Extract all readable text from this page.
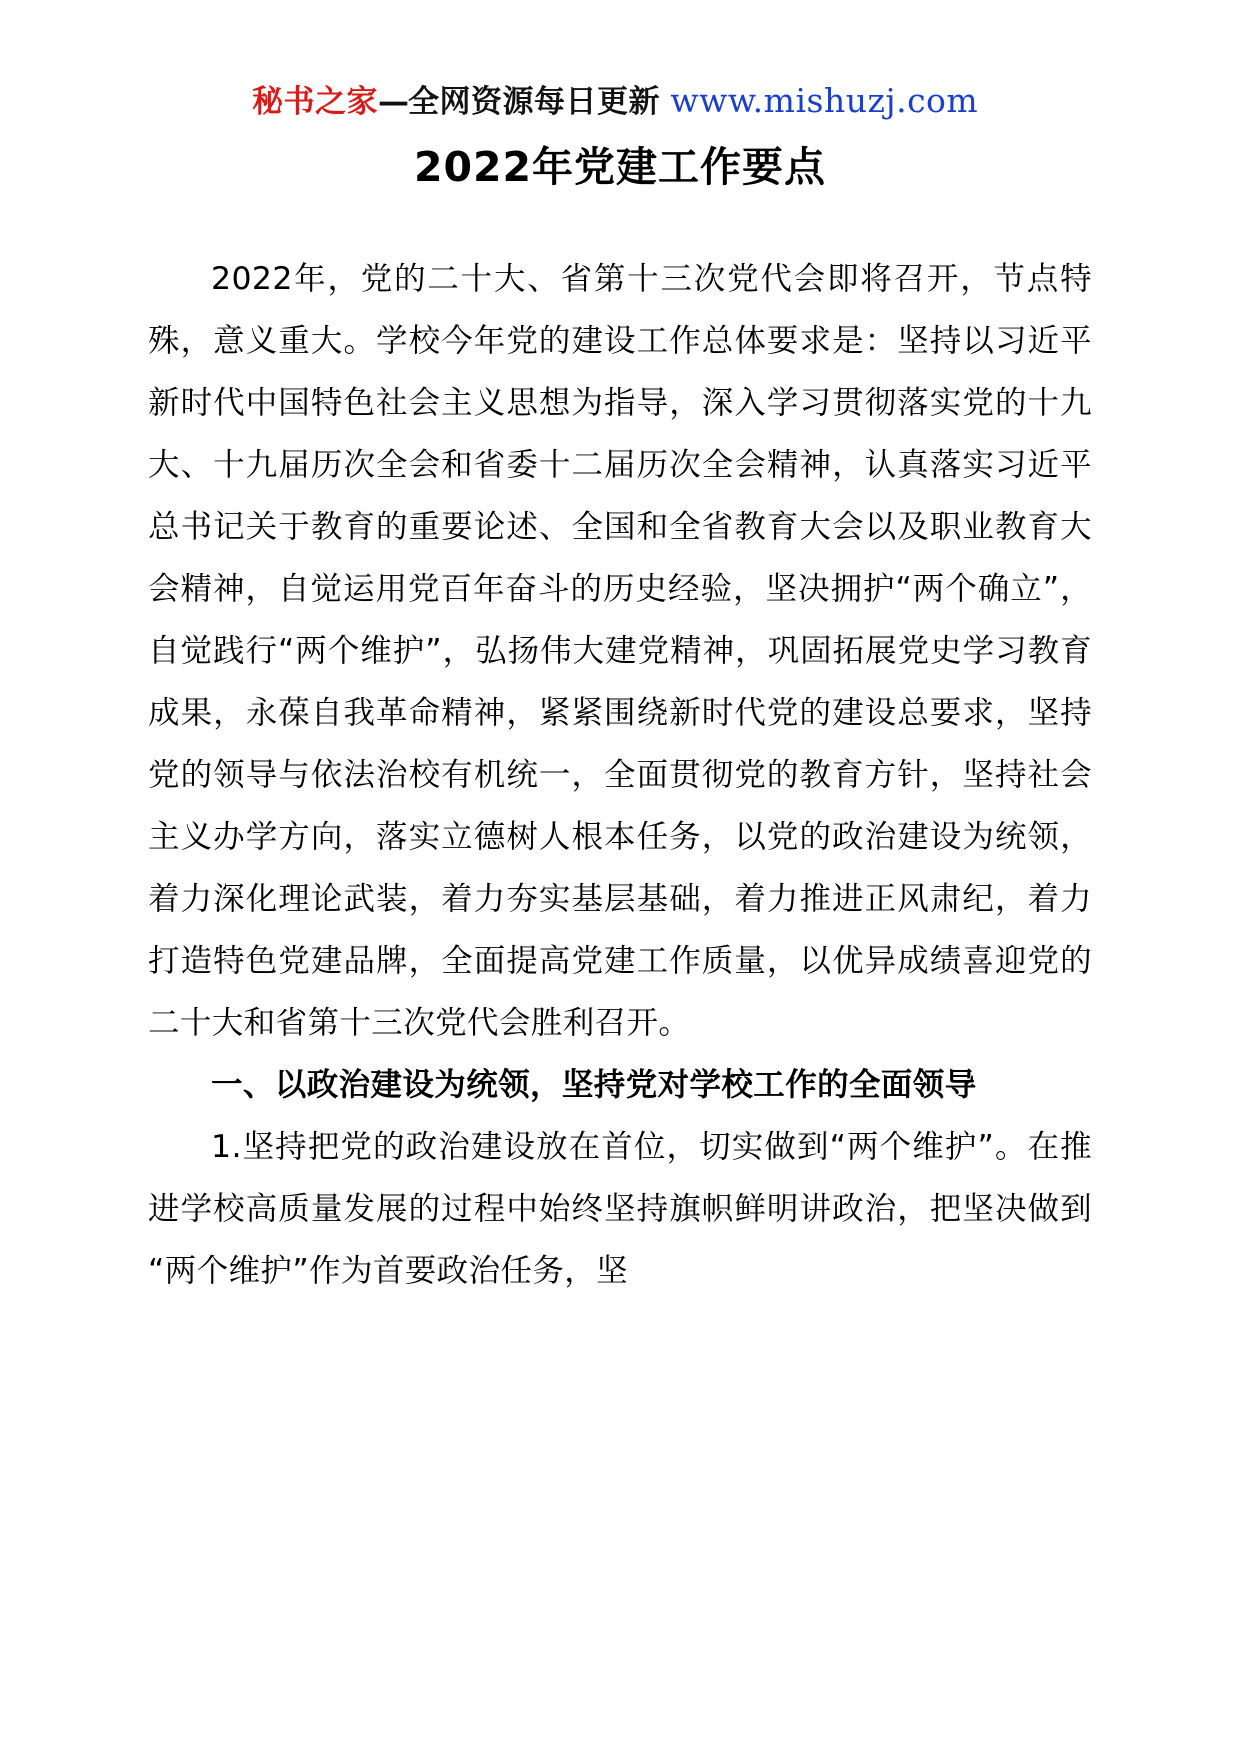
秘书之家—全网资源每日更新 www.mishuzj.com
2022年党建工作要点

2022年，党的二十大、省第十三次党代会即将召开，节点特殊，意义重大。学校今年党的建设工作总体要求是：坚持以习近平新时代中国特色社会主义思想为指导，深入学习贯彻落实党的十九大、十九届历次全会和省委十二届历次全会精神，认真落实习近平总书记关于教育的重要论述、全国和全省教育大会以及职业教育大会精神，自觉运用党百年奋斗的历史经验，坚决拥护“两个确立”，自觉践行“两个维护”，弘扬伟大建党精神，巩固拓展党史学习教育成果，永葆自我革命精神，紧紧围绕新时代党的建设总要求，坚持党的领导与依法治校有机统一，全面贯彻党的教育方针，坚持社会主义办学方向，落实立德树人根本任务，以党的政治建设为统领，着力深化理论武装，着力夯实基层基础，着力推进正风肃纪，着力打造特色党建品牌，全面提高党建工作质量，以优异成绩喜迎党的二十大和省第十三次党代会胜利召开。

一、以政治建设为统领，坚持党对学校工作的全面领导

1.坚持把党的政治建设放在首位，切实做到“两个维护”。在推进学校高质量发展的过程中始终坚持旗帜鲜明讲政治，把坚决做到“两个维护”作为首要政治任务，坚
